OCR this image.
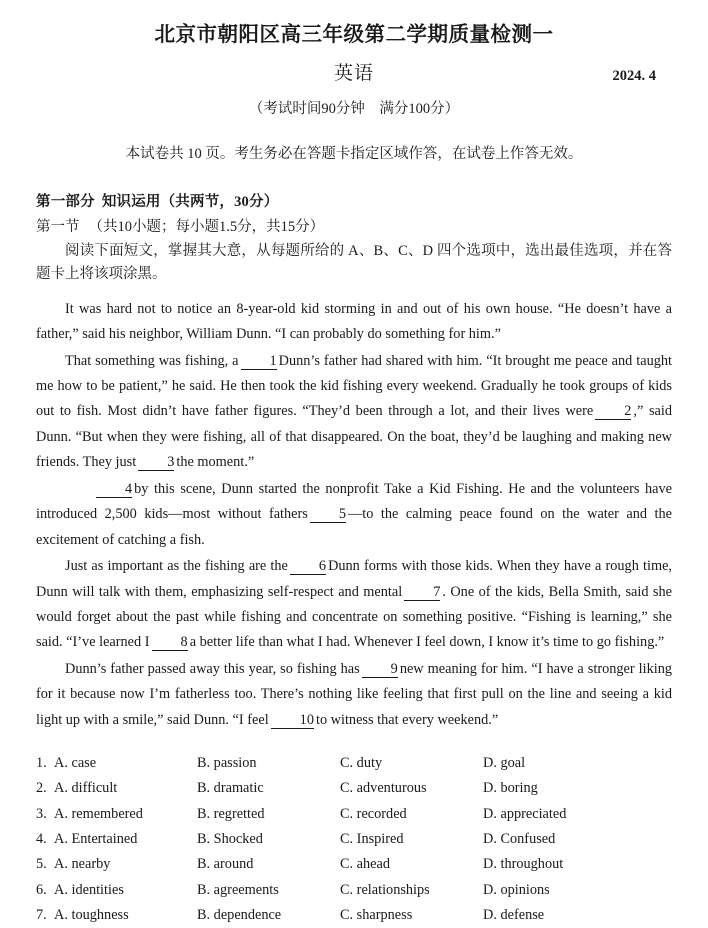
北京市朝阳区高三年级第二学期质量检测一
英语	2024. 4
（考试时间90分钟　满分100分）
本试卷共 10 页。考生务必在答题卡指定区域作答，在试卷上作答无效。
第一部分 知识运用（共两节，30分）
第一节 （共10小题；每小题1.5分，共15分）
阅读下面短文，掌握其大意，从每题所给的 A、B、C、D 四个选项中，选出最佳选项，并在答题卡上将该项涂黑。

It was hard not to notice an 8-year-old kid storming in and out of his own house. “He doesn’t have a father,” said his neighbor, William Dunn. “I can probably do something for him.”

That something was fishing, a 1 Dunn’s father had shared with him. “It brought me peace and taught me how to be patient,” he said. He then took the kid fishing every weekend. Gradually he took groups of kids out to fish. Most didn’t have father figures. “They’d been through a lot, and their lives were 2 ,” said Dunn. “But when they were fishing, all of that disappeared. On the boat, they’d be laughing and making new friends. They just 3 the moment.”

4 by this scene, Dunn started the nonprofit Take a Kid Fishing. He and the volunteers have introduced 2,500 kids—most without fathers 5 —to the calming peace found on the water and the excitement of catching a fish.

Just as important as the fishing are the 6 Dunn forms with those kids. When they have a rough time, Dunn will talk with them, emphasizing self-respect and mental 7 . One of the kids, Bella Smith, said she would forget about the past while fishing and concentrate on something positive. “Fishing is learning,” she said. “I’ve learned I 8 a better life than what I had. Whenever I feel down, I know it’s time to go fishing.”

Dunn’s father passed away this year, so fishing has 9 new meaning for him. “I have a stronger liking for it because now I’m fatherless too. There’s nothing like feeling that first pull on the line and seeing a kid light up with a smile,” said Dunn. “I feel 10 to witness that every weekend.”

1. A. case	B. passion	C. duty	D. goal
2. A. difficult	B. dramatic	C. adventurous	D. boring
3. A. remembered	B. regretted	C. recorded	D. appreciated
4. A. Entertained	B. Shocked	C. Inspired	D. Confused
5. A. nearby	B. around	C. ahead	D. throughout
6. A. identities	B. agreements	C. relationships	D. opinions
7. A. toughness	B. dependence	C. sharpness	D. defense
